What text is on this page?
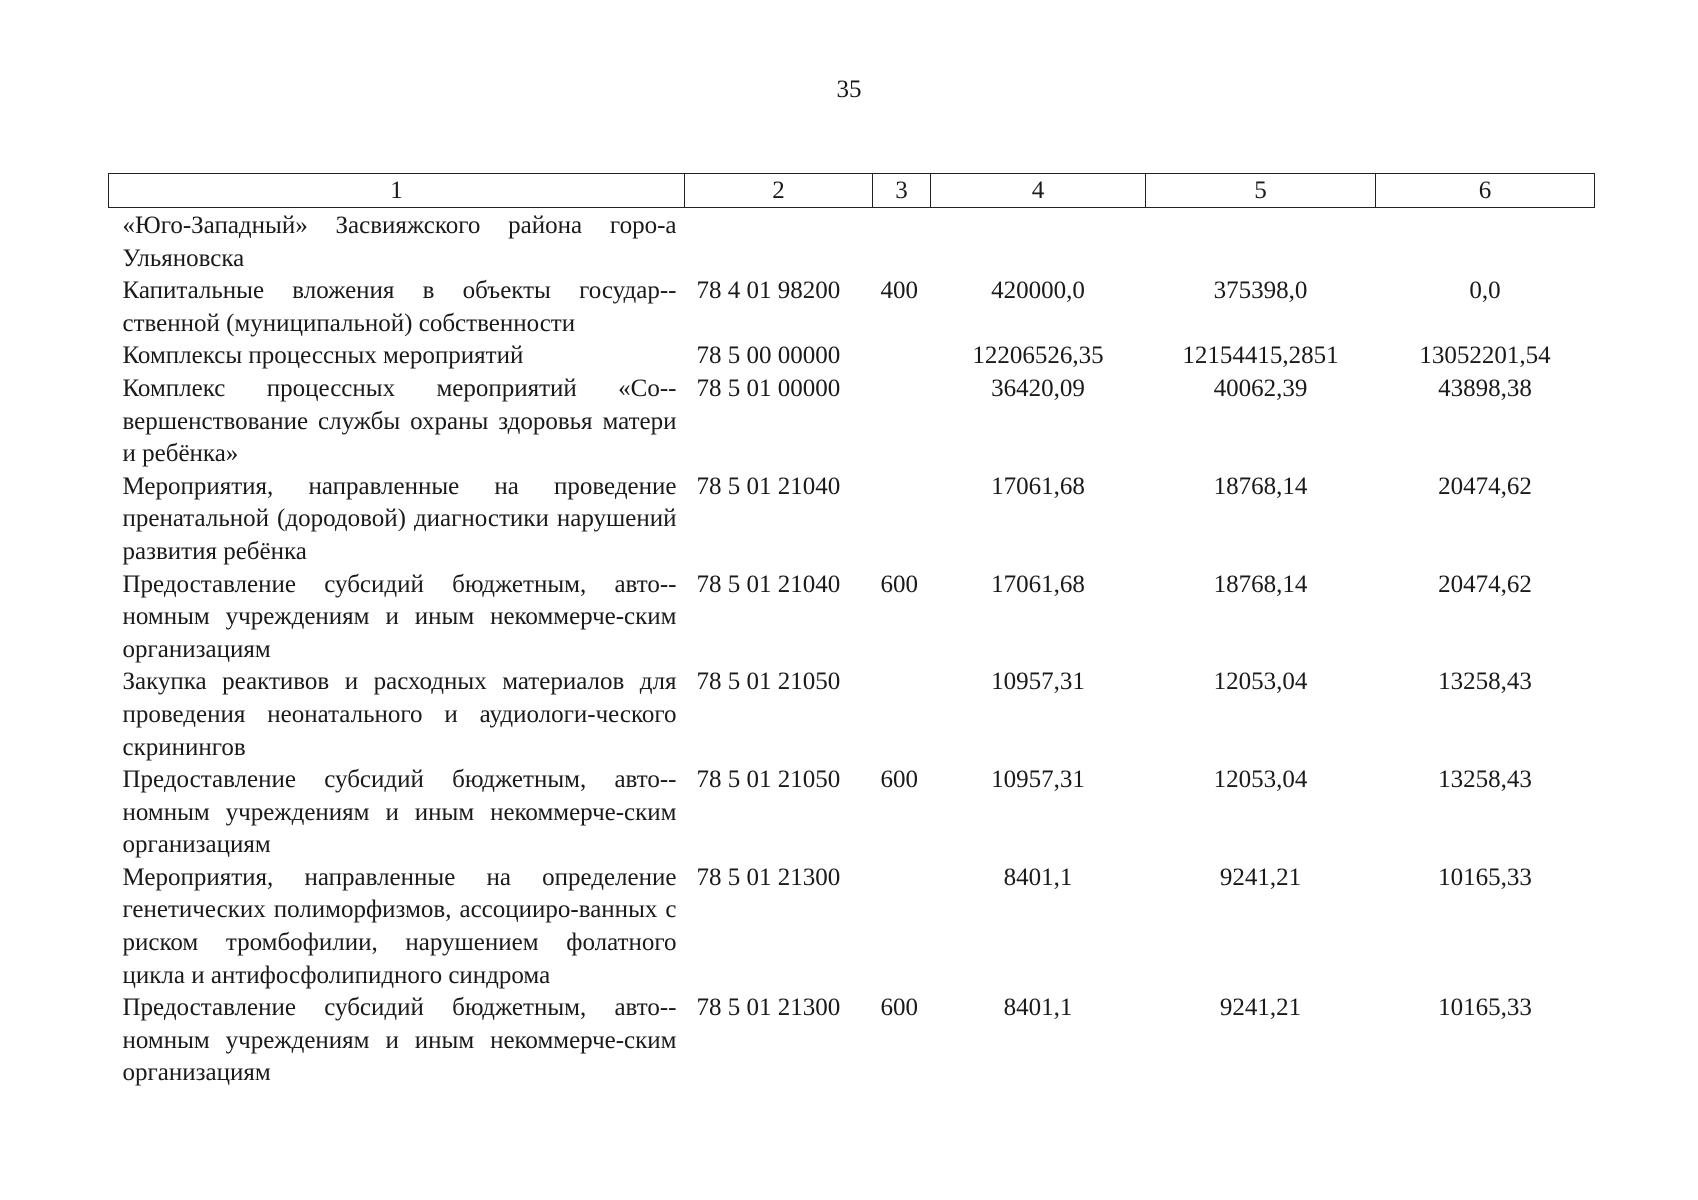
35
1	2	3	4	5	6
«Юго-Западный» Засвияжского района горо-a Ульяновска					
Капитальные вложения в объекты государ-ственной (муниципальной) собственности	78 4 01 98200	400	420000,0	375398,0	0,0
Комплексы процессных мероприятий	78 5 00 00000		12206526,35	12154415,2851	13052201,54
Комплекс процессных мероприятий «Со-вершенствование службы охраны здоровья матери и ребёнка»	78 5 01 00000		36420,09	40062,39	43898,38
Мероприятия, направленные на проведение пренатальной (дородовой) диагностики нарушений развития ребёнка	78 5 01 21040		17061,68	18768,14	20474,62
Предоставление субсидий бюджетным, авто-номным учреждениям и иным некоммерче-ским организациям	78 5 01 21040	600	17061,68	18768,14	20474,62
Закупка реактивов и расходных материалов для проведения неонатального и аудиологи-ческого скринингов	78 5 01 21050		10957,31	12053,04	13258,43
Предоставление субсидий бюджетным, авто-номным учреждениям и иным некоммерче-ским организациям	78 5 01 21050	600	10957,31	12053,04	13258,43
Мероприятия, направленные на определение генетических полиморфизмов, ассоцииро-ванных с риском тромбофилии, нарушением фолатного цикла и антифосфолипидного синдрома	78 5 01 21300		8401,1	9241,21	10165,33
Предоставление субсидий бюджетным, авто-номным учреждениям и иным некоммерче-ским организациям	78 5 01 21300	600	8401,1	9241,21	10165,33
